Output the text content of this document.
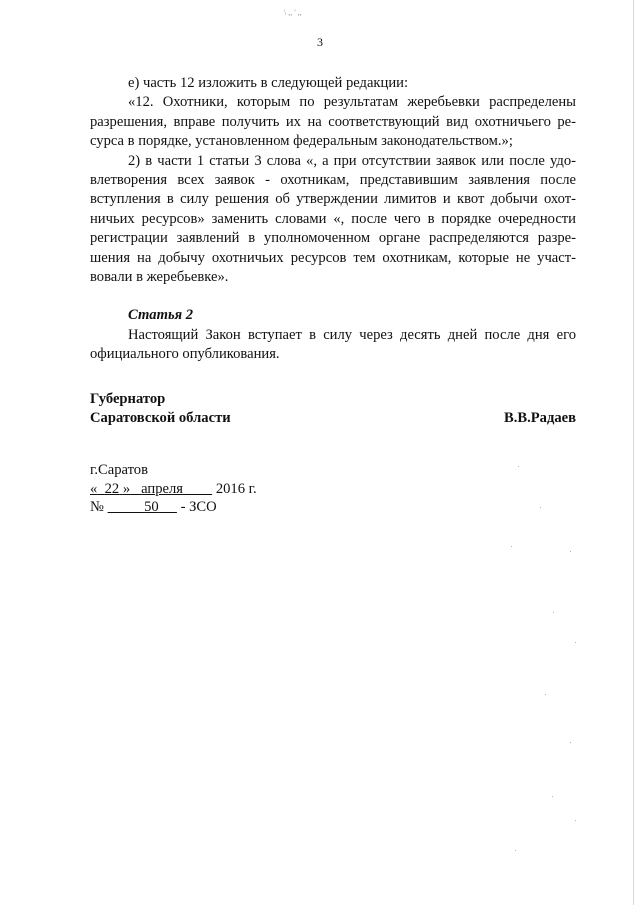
\ ,, ' ,,
3

е) часть 12 изложить в следующей редакции:

«12. Охотники, которым по результатам жеребьевки распределены разрешения, вправе получить их на соответствующий вид охотничьего ресурса в порядке, установленном федеральным законодательством.»;

2) в части 1 статьи 3 слова «, а при отсутствии заявок или после удовлетворения всех заявок - охотникам, представившим заявления после вступления в силу решения об утверждении лимитов и квот добычи охотничьих ресурсов» заменить словами «, после чего в порядке очередности регистрации заявлений в уполномоченном органе распределяются разрешения на добычу охотничьих ресурсов тем охотникам, которые не участвовали в жеребьевке».

Статья 2

Настоящий Закон вступает в силу через десять дней после дня его официального опубликования.

Губернатор
Саратовской области	В.В.Радаев
г.Саратов
« 22 » апреля 2016 г.
№	50 - ЗСО
